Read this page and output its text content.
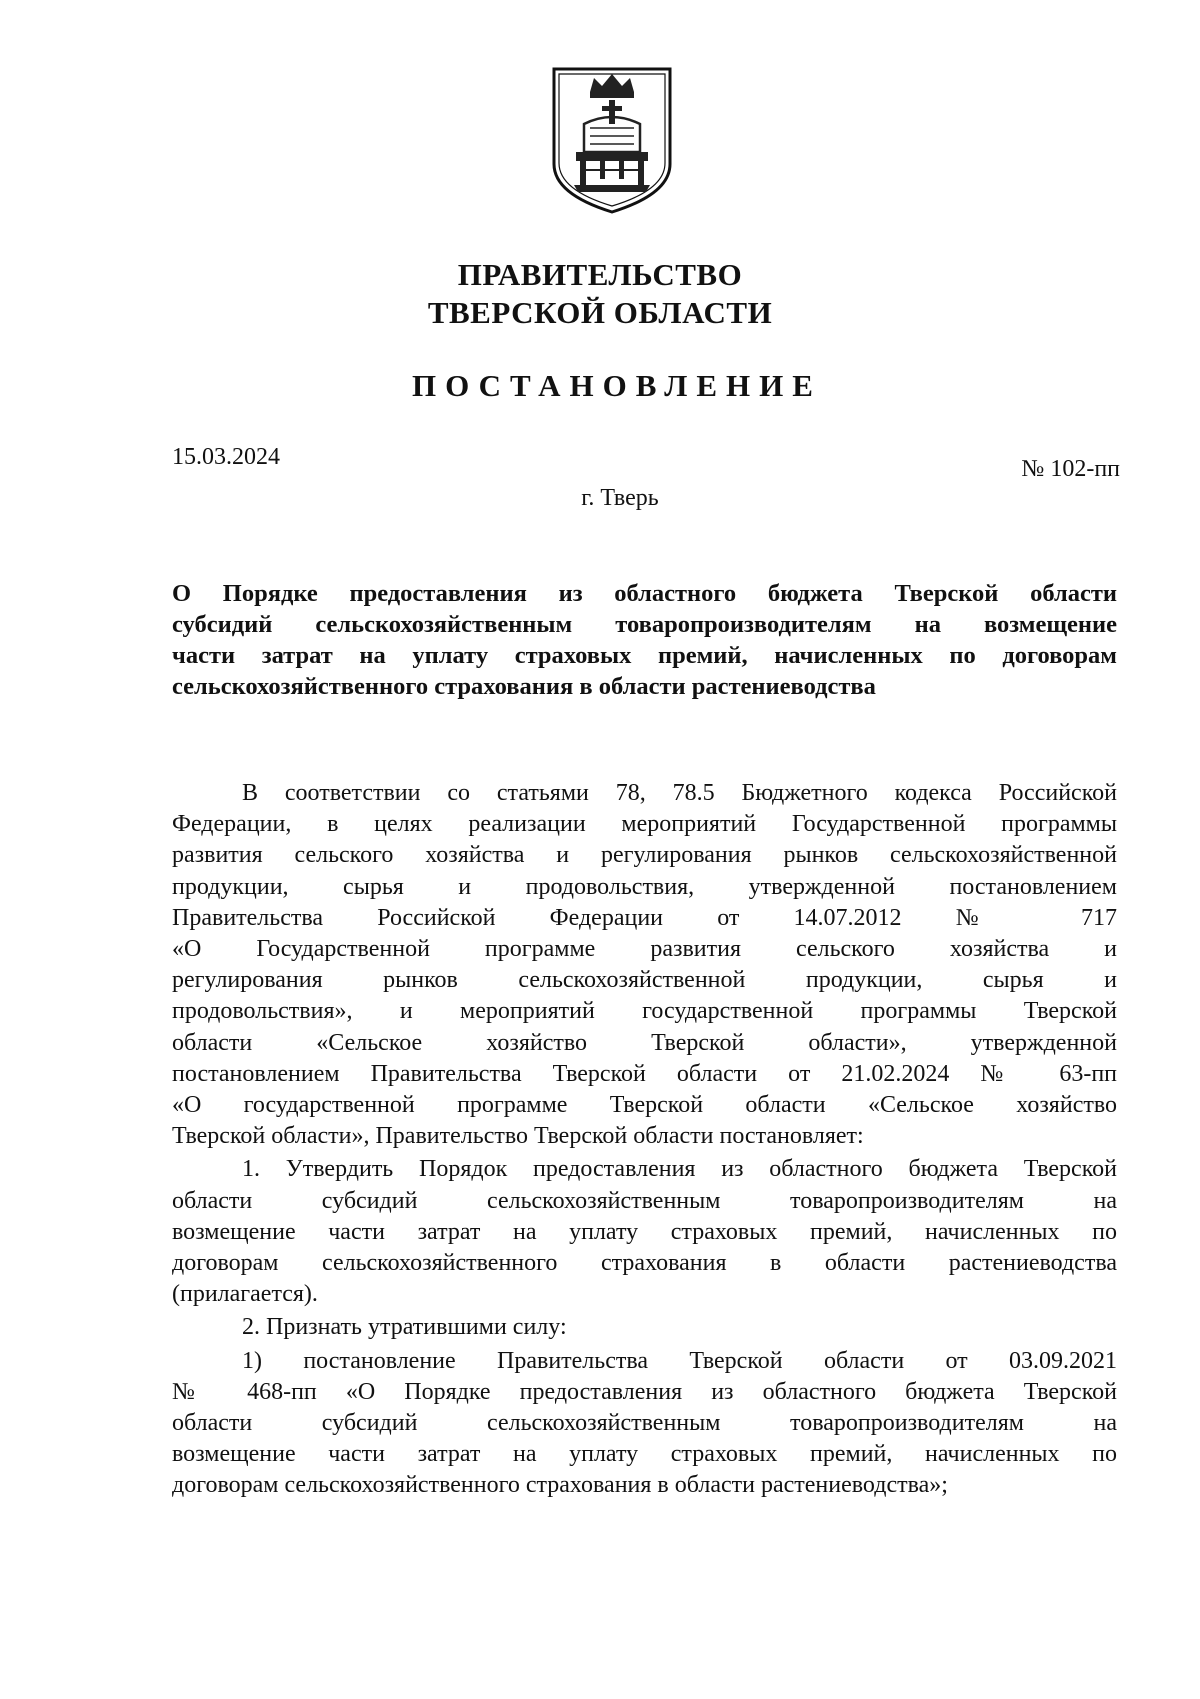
ПРАВИТЕЛЬСТВО
ТВЕРСКОЙ ОБЛАСТИ
ПОСТАНОВЛЕНИЕ
15.03.2024	№ 102-пп
г. Тверь
О Порядке предоставления из областного бюджета Тверской области
субсидий сельскохозяйственным товаропроизводителям на возмещение
части затрат на уплату страховых премий, начисленных по договорам
сельскохозяйственного страхования в области растениеводства
В соответствии со статьями 78, 78.5 Бюджетного кодекса Российской
Федерации, в целях реализации мероприятий Государственной программы
развития сельского хозяйства и регулирования рынков сельскохозяйственной
продукции, сырья и продовольствия, утвержденной постановлением
Правительства Российской Федерации от 14.07.2012 № 717
«О Государственной программе развития сельского хозяйства и
регулирования рынков сельскохозяйственной продукции, сырья и
продовольствия», и мероприятий государственной программы Тверской
области «Сельское хозяйство Тверской области», утвержденной
постановлением Правительства Тверской области от 21.02.2024 № 63-пп
«О государственной программе Тверской области «Сельское хозяйство
Тверской области», Правительство Тверской области постановляет:
1. Утвердить Порядок предоставления из областного бюджета Тверской
области субсидий сельскохозяйственным товаропроизводителям на
возмещение части затрат на уплату страховых премий, начисленных по
договорам сельскохозяйственного страхования в области растениеводства
(прилагается).
2. Признать утратившими силу:
1) постановление Правительства Тверской области от 03.09.2021
№ 468-пп «О Порядке предоставления из областного бюджета Тверской
области субсидий сельскохозяйственным товаропроизводителям на
возмещение части затрат на уплату страховых премий, начисленных по
договорам сельскохозяйственного страхования в области растениеводства»;
